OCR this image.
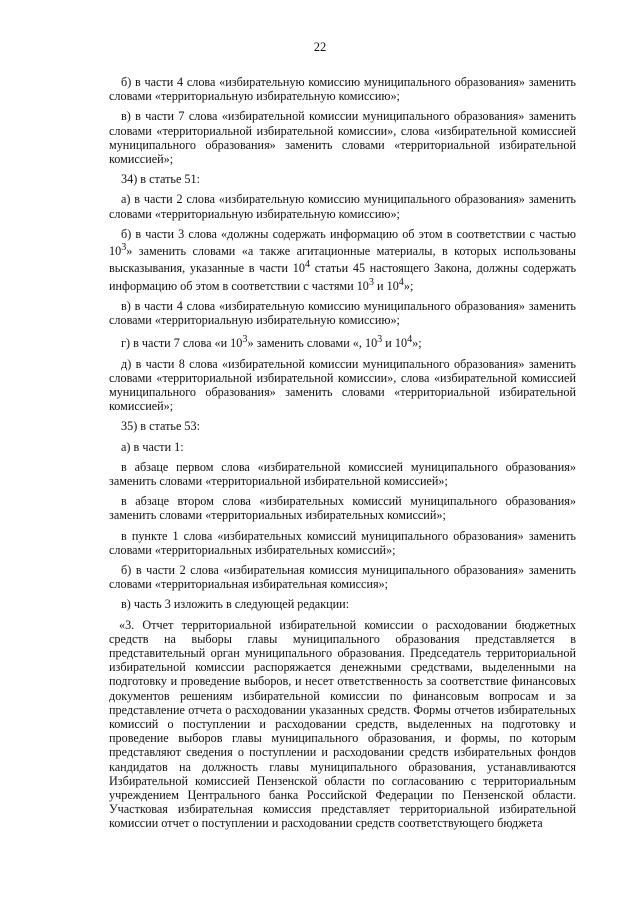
22

б) в части 4 слова «избирательную комиссию муниципального образования» заменить словами «территориальную избирательную комиссию»;

в) в части 7 слова «избирательной комиссии муниципального образования» заменить словами «территориальной избирательной комиссии», слова «избирательной комиссией муниципального образования» заменить словами «территориальной избирательной комиссией»;

34) в статье 51:

а) в части 2 слова «избирательную комиссию муниципального образования» заменить словами «территориальную избирательную комиссию»;

б) в части 3 слова «должны содержать информацию об этом в соответствии с частью $10^3$» заменить словами «а также агитационные материалы, в которых использованы высказывания, указанные в части $10^4$ статьи 45 настоящего Закона, должны содержать информацию об этом в соответствии с частями $10^3$ и $10^4$»;

в) в части 4 слова «избирательную комиссию муниципального образования» заменить словами «территориальную избирательную комиссию»;

г) в части 7 слова «и $10^3$» заменить словами «, $10^3$ и $10^4$»;

д) в части 8 слова «избирательной комиссии муниципального образования» заменить словами «территориальной избирательной комиссии», слова «избирательной комиссией муниципального образования» заменить словами «территориальной избирательной комиссией»;

35) в статье 53:

а) в части 1:

в абзаце первом слова «избирательной комиссией муниципального образования» заменить словами «территориальной избирательной комиссией»;

в абзаце втором слова «избирательных комиссий муниципального образования» заменить словами «территориальных избирательных комиссий»;

в пункте 1 слова «избирательных комиссий муниципального образования» заменить словами «территориальных избирательных комиссий»;

б) в части 2 слова «избирательная комиссия муниципального образования» заменить словами «территориальная избирательная комиссия»;

в) часть 3 изложить в следующей редакции:

«3. Отчет территориальной избирательной комиссии о расходовании бюджетных средств на выборы главы муниципального образования представляется в представительный орган муниципального образования. Председатель территориальной избирательной комиссии распоряжается денежными средствами, выделенными на подготовку и проведение выборов, и несет ответственность за соответствие финансовых документов решениям избирательной комиссии по финансовым вопросам и за представление отчета о расходовании указанных средств. Формы отчетов избирательных комиссий о поступлении и расходовании средств, выделенных на подготовку и проведение выборов главы муниципального образования, и формы, по которым представляют сведения о поступлении и расходовании средств избирательных фондов кандидатов на должность главы муниципального образования, устанавливаются Избирательной комиссией Пензенской области по согласованию с территориальным учреждением Центрального банка Российской Федерации по Пензенской области. Участковая избирательная комиссия представляет территориальной избирательной комиссии отчет о поступлении и расходовании средств соответствующего бюджета
